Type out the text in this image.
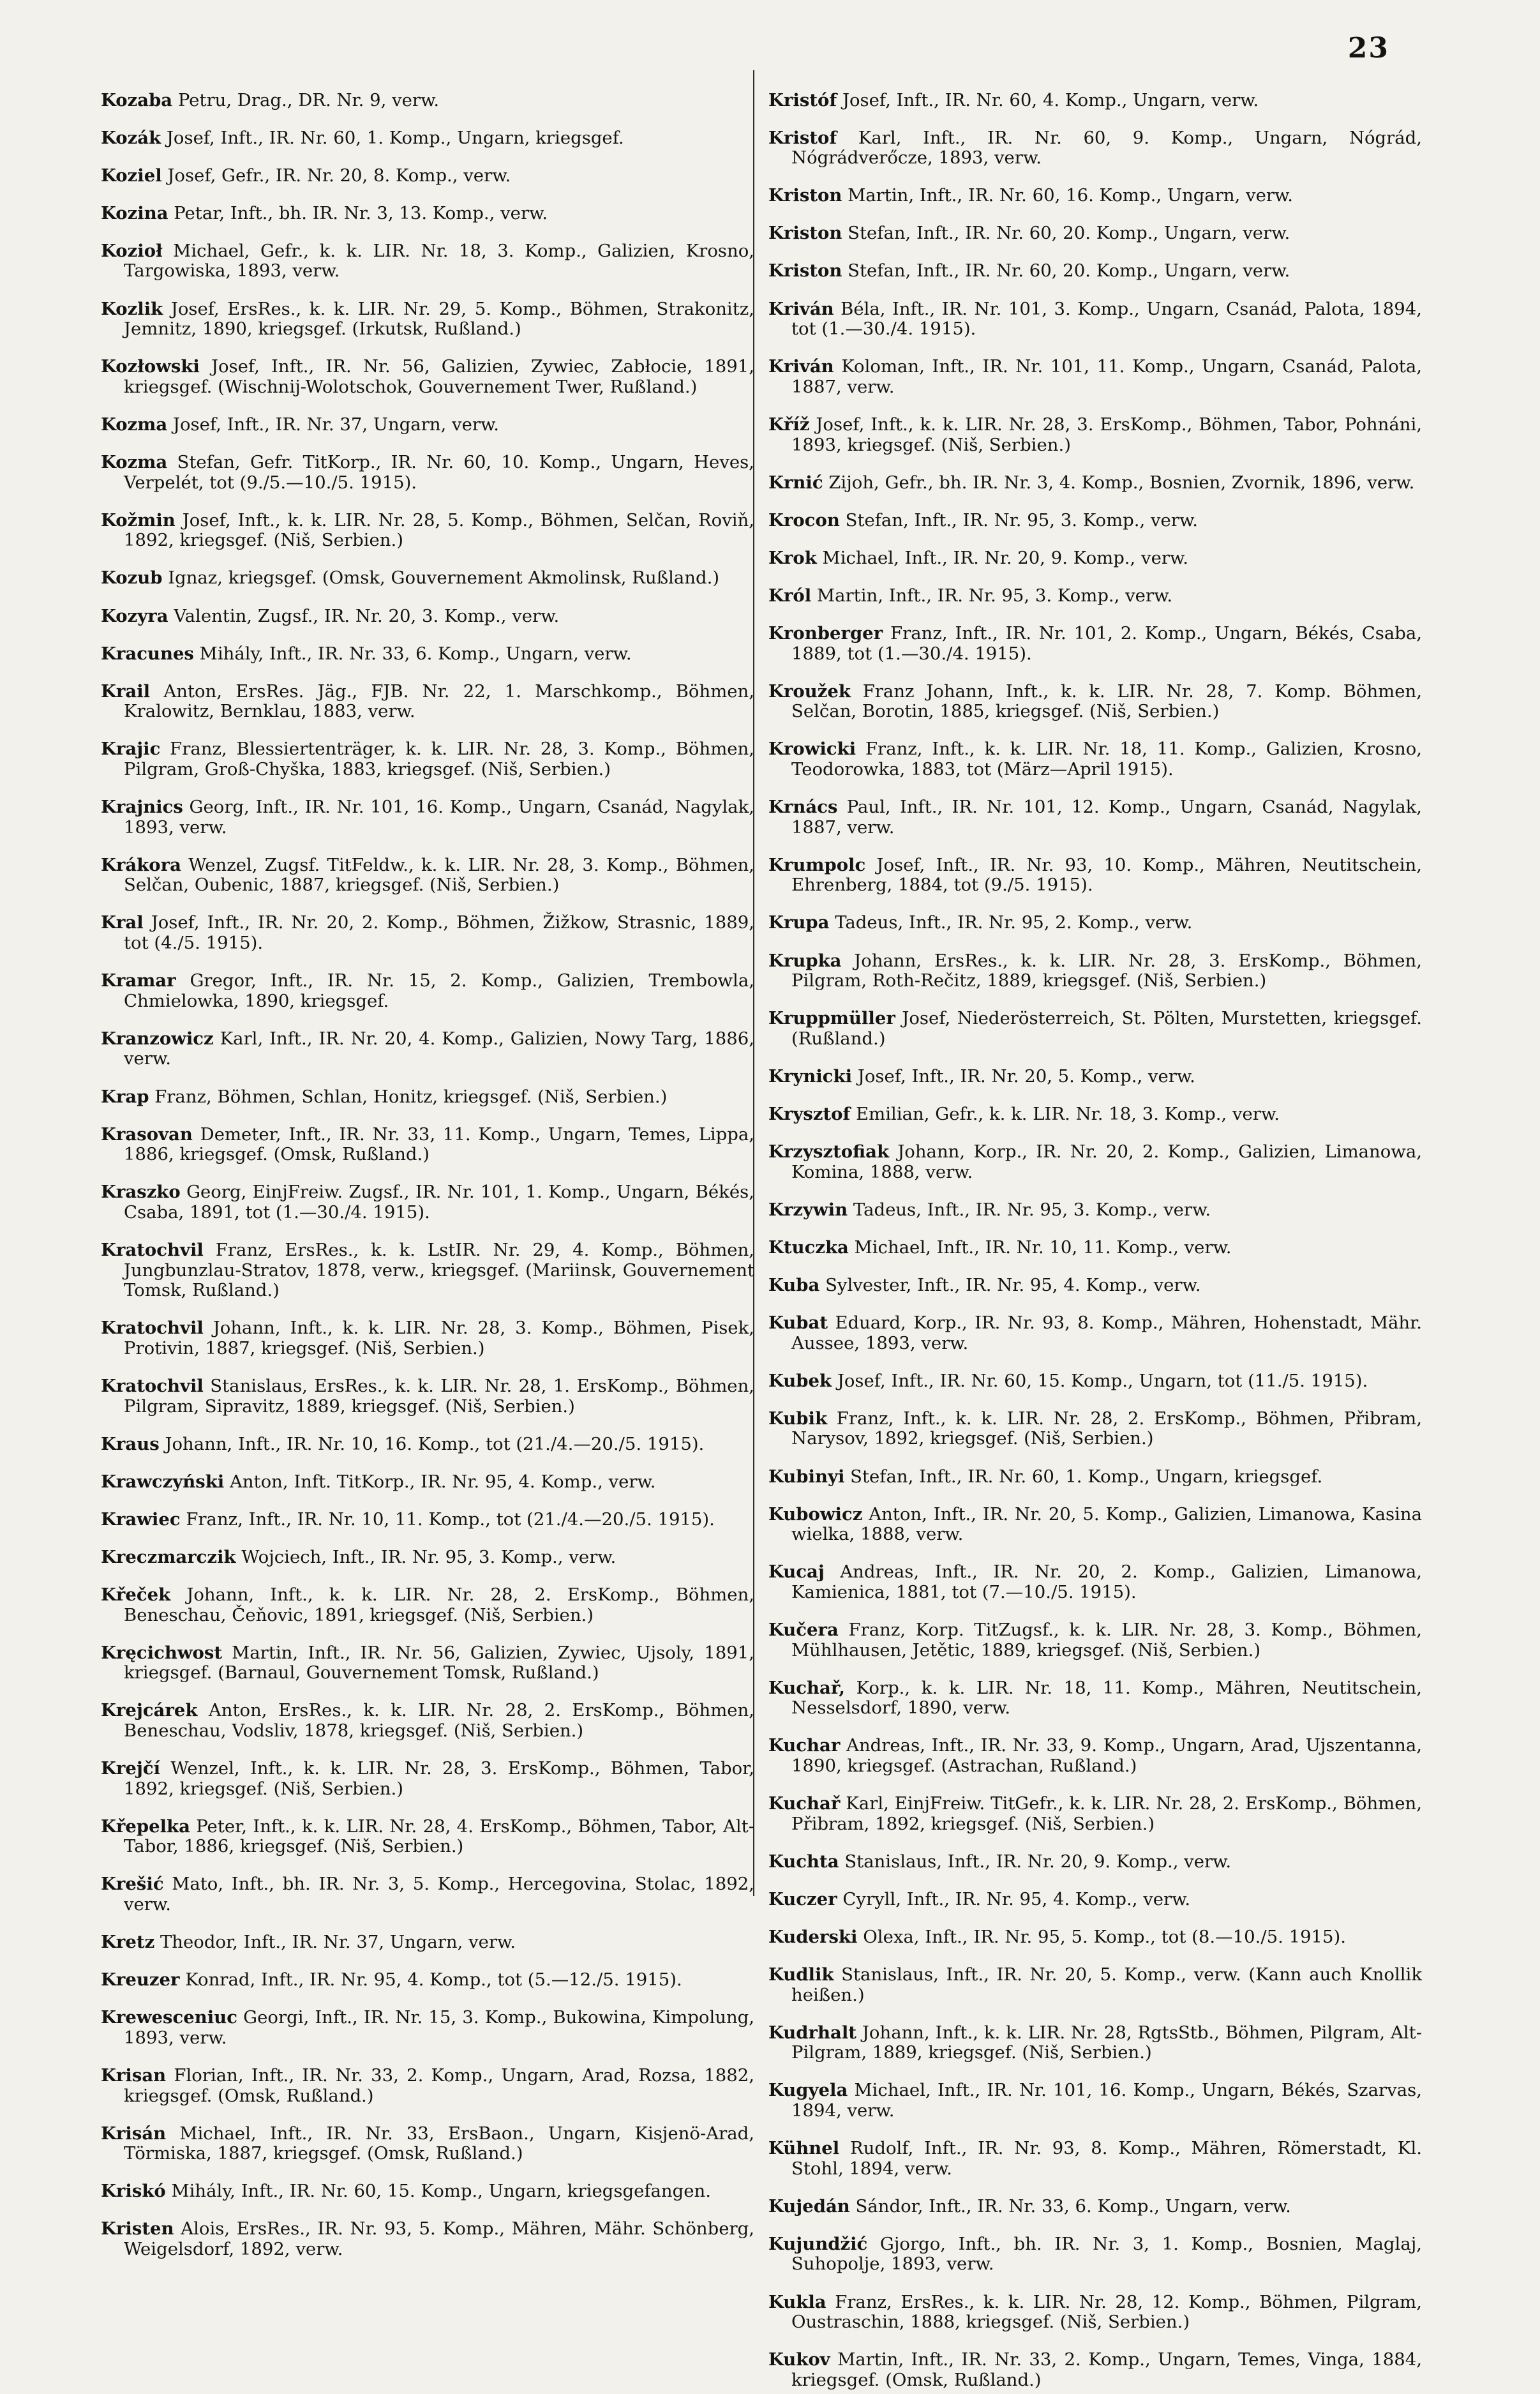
23

Kozaba Petru, Drag., DR. Nr. 9, verw.

Kozák Josef, Inft., IR. Nr. 60, 1. Komp., Ungarn, kriegsgef.

Koziel Josef, Gefr., IR. Nr. 20, 8. Komp., verw.

Kozina Petar, Inft., bh. IR. Nr. 3, 13. Komp., verw.

Kozioł Michael, Gefr., k. k. LIR. Nr. 18, 3. Komp., Galizien, Krosno, Targowiska, 1893, verw.

Kozlik Josef, ErsRes., k. k. LIR. Nr. 29, 5. Komp., Böhmen, Strakonitz, Jemnitz, 1890, kriegsgef. (Irkutsk, Rußland.)

Kozłowski Josef, Inft., IR. Nr. 56, Galizien, Zywiec, Zabłocie, 1891, kriegsgef. (Wischnij-Wolotschok, Gouvernement Twer, Rußland.)

Kozma Josef, Inft., IR. Nr. 37, Ungarn, verw.

Kozma Stefan, Gefr. TitKorp., IR. Nr. 60, 10. Komp., Ungarn, Heves, Verpelét, tot (9./5.—10./5. 1915).

Kožmin Josef, Inft., k. k. LIR. Nr. 28, 5. Komp., Böhmen, Selčan, Roviň, 1892, kriegsgef. (Niš, Serbien.)

Kozub Ignaz, kriegsgef. (Omsk, Gouvernement Akmolinsk, Rußland.)

Kozyra Valentin, Zugsf., IR. Nr. 20, 3. Komp., verw.

Kracunes Mihály, Inft., IR. Nr. 33, 6. Komp., Ungarn, verw.

Krail Anton, ErsRes. Jäg., FJB. Nr. 22, 1. Marschkomp., Böhmen, Kralowitz, Bernklau, 1883, verw.

Krajic Franz, Blessiertenträger, k. k. LIR. Nr. 28, 3. Komp., Böhmen, Pilgram, Groß-Chyška, 1883, kriegsgef. (Niš, Serbien.)

Krajnics Georg, Inft., IR. Nr. 101, 16. Komp., Ungarn, Csanád, Nagylak, 1893, verw.

Krákora Wenzel, Zugsf. TitFeldw., k. k. LIR. Nr. 28, 3. Komp., Böhmen, Selčan, Oubenic, 1887, kriegsgef. (Niš, Serbien.)

Kral Josef, Inft., IR. Nr. 20, 2. Komp., Böhmen, Žižkow, Strasnic, 1889, tot (4./5. 1915).

Kramar Gregor, Inft., IR. Nr. 15, 2. Komp., Galizien, Trembowla, Chmielowka, 1890, kriegsgef.

Kranzowicz Karl, Inft., IR. Nr. 20, 4. Komp., Galizien, Nowy Targ, 1886, verw.

Krap Franz, Böhmen, Schlan, Honitz, kriegsgef. (Niš, Serbien.)

Krasovan Demeter, Inft., IR. Nr. 33, 11. Komp., Ungarn, Temes, Lippa, 1886, kriegsgef. (Omsk, Rußland.)

Kraszko Georg, EinjFreiw. Zugsf., IR. Nr. 101, 1. Komp., Ungarn, Békés, Csaba, 1891, tot (1.—30./4. 1915).

Kratochvil Franz, ErsRes., k. k. LstIR. Nr. 29, 4. Komp., Böhmen, Jungbunzlau-Stratov, 1878, verw., kriegsgef. (Mariinsk, Gouvernement Tomsk, Rußland.)

Kratochvil Johann, Inft., k. k. LIR. Nr. 28, 3. Komp., Böhmen, Pisek, Protivin, 1887, kriegsgef. (Niš, Serbien.)

Kratochvil Stanislaus, ErsRes., k. k. LIR. Nr. 28, 1. ErsKomp., Böhmen, Pilgram, Sipravitz, 1889, kriegsgef. (Niš, Serbien.)

Kraus Johann, Inft., IR. Nr. 10, 16. Komp., tot (21./4.—20./5. 1915).

Krawczyński Anton, Inft. TitKorp., IR. Nr. 95, 4. Komp., verw.

Krawiec Franz, Inft., IR. Nr. 10, 11. Komp., tot (21./4.—20./5. 1915).

Kreczmarczik Wojciech, Inft., IR. Nr. 95, 3. Komp., verw.

Křeček Johann, Inft., k. k. LIR. Nr. 28, 2. ErsKomp., Böhmen, Beneschau, Čeňovic, 1891, kriegsgef. (Niš, Serbien.)

Kręcichwost Martin, Inft., IR. Nr. 56, Galizien, Zywiec, Ujsoly, 1891, kriegsgef. (Barnaul, Gouvernement Tomsk, Rußland.)

Krejcárek Anton, ErsRes., k. k. LIR. Nr. 28, 2. ErsKomp., Böhmen, Beneschau, Vodsliv, 1878, kriegsgef. (Niš, Serbien.)

Krejčí Wenzel, Inft., k. k. LIR. Nr. 28, 3. ErsKomp., Böhmen, Tabor, 1892, kriegsgef. (Niš, Serbien.)

Křepelka Peter, Inft., k. k. LIR. Nr. 28, 4. ErsKomp., Böhmen, Tabor, Alt-Tabor, 1886, kriegsgef. (Niš, Serbien.)

Krešić Mato, Inft., bh. IR. Nr. 3, 5. Komp., Hercegovina, Stolac, 1892, verw.

Kretz Theodor, Inft., IR. Nr. 37, Ungarn, verw.

Kreuzer Konrad, Inft., IR. Nr. 95, 4. Komp., tot (5.—12./5. 1915).

Krewesceniuc Georgi, Inft., IR. Nr. 15, 3. Komp., Bukowina, Kimpolung, 1893, verw.

Krisan Florian, Inft., IR. Nr. 33, 2. Komp., Ungarn, Arad, Rozsa, 1882, kriegsgef. (Omsk, Rußland.)

Krisán Michael, Inft., IR. Nr. 33, ErsBaon., Ungarn, Kisjenö-Arad, Törmiska, 1887, kriegsgef. (Omsk, Rußland.)

Kriskó Mihály, Inft., IR. Nr. 60, 15. Komp., Ungarn, kriegsgefangen.

Kristen Alois, ErsRes., IR. Nr. 93, 5. Komp., Mähren, Mähr. Schönberg, Weigelsdorf, 1892, verw.

Kristóf Josef, Inft., IR. Nr. 60, 4. Komp., Ungarn, verw.

Kristof Karl, Inft., IR. Nr. 60, 9. Komp., Ungarn, Nógrád, Nógrádverőcze, 1893, verw.

Kriston Martin, Inft., IR. Nr. 60, 16. Komp., Ungarn, verw.

Kriston Stefan, Inft., IR. Nr. 60, 20. Komp., Ungarn, verw.

Kriston Stefan, Inft., IR. Nr. 60, 20. Komp., Ungarn, verw.

Kriván Béla, Inft., IR. Nr. 101, 3. Komp., Ungarn, Csanád, Palota, 1894, tot (1.—30./4. 1915).

Kriván Koloman, Inft., IR. Nr. 101, 11. Komp., Ungarn, Csanád, Palota, 1887, verw.

Kříž Josef, Inft., k. k. LIR. Nr. 28, 3. ErsKomp., Böhmen, Tabor, Pohnáni, 1893, kriegsgef. (Niš, Serbien.)

Krnić Zijoh, Gefr., bh. IR. Nr. 3, 4. Komp., Bosnien, Zvornik, 1896, verw.

Krocon Stefan, Inft., IR. Nr. 95, 3. Komp., verw.

Krok Michael, Inft., IR. Nr. 20, 9. Komp., verw.

Król Martin, Inft., IR. Nr. 95, 3. Komp., verw.

Kronberger Franz, Inft., IR. Nr. 101, 2. Komp., Ungarn, Békés, Csaba, 1889, tot (1.—30./4. 1915).

Kroužek Franz Johann, Inft., k. k. LIR. Nr. 28, 7. Komp. Böhmen, Selčan, Borotin, 1885, kriegsgef. (Niš, Serbien.)

Krowicki Franz, Inft., k. k. LIR. Nr. 18, 11. Komp., Galizien, Krosno, Teodorowka, 1883, tot (März—April 1915).

Krnács Paul, Inft., IR. Nr. 101, 12. Komp., Ungarn, Csanád, Nagylak, 1887, verw.

Krumpolc Josef, Inft., IR. Nr. 93, 10. Komp., Mähren, Neutitschein, Ehrenberg, 1884, tot (9./5. 1915).

Krupa Tadeus, Inft., IR. Nr. 95, 2. Komp., verw.

Krupka Johann, ErsRes., k. k. LIR. Nr. 28, 3. ErsKomp., Böhmen, Pilgram, Roth-Rečitz, 1889, kriegsgef. (Niš, Serbien.)

Kruppmüller Josef, Niederösterreich, St. Pölten, Murstetten, kriegsgef. (Rußland.)

Krynicki Josef, Inft., IR. Nr. 20, 5. Komp., verw.

Krysztof Emilian, Gefr., k. k. LIR. Nr. 18, 3. Komp., verw.

Krzysztofiak Johann, Korp., IR. Nr. 20, 2. Komp., Galizien, Limanowa, Komina, 1888, verw.

Krzywin Tadeus, Inft., IR. Nr. 95, 3. Komp., verw.

Ktuczka Michael, Inft., IR. Nr. 10, 11. Komp., verw.

Kuba Sylvester, Inft., IR. Nr. 95, 4. Komp., verw.

Kubat Eduard, Korp., IR. Nr. 93, 8. Komp., Mähren, Hohenstadt, Mähr. Aussee, 1893, verw.

Kubek Josef, Inft., IR. Nr. 60, 15. Komp., Ungarn, tot (11./5. 1915).

Kubik Franz, Inft., k. k. LIR. Nr. 28, 2. ErsKomp., Böhmen, Přibram, Narysov, 1892, kriegsgef. (Niš, Serbien.)

Kubinyi Stefan, Inft., IR. Nr. 60, 1. Komp., Ungarn, kriegsgef.

Kubowicz Anton, Inft., IR. Nr. 20, 5. Komp., Galizien, Limanowa, Kasina wielka, 1888, verw.

Kucaj Andreas, Inft., IR. Nr. 20, 2. Komp., Galizien, Limanowa, Kamienica, 1881, tot (7.—10./5. 1915).

Kučera Franz, Korp. TitZugsf., k. k. LIR. Nr. 28, 3. Komp., Böhmen, Mühlhausen, Jetětic, 1889, kriegsgef. (Niš, Serbien.)

Kuchař, Korp., k. k. LIR. Nr. 18, 11. Komp., Mähren, Neutitschein, Nesselsdorf, 1890, verw.

Kuchar Andreas, Inft., IR. Nr. 33, 9. Komp., Ungarn, Arad, Ujszentanna, 1890, kriegsgef. (Astrachan, Rußland.)

Kuchař Karl, EinjFreiw. TitGefr., k. k. LIR. Nr. 28, 2. ErsKomp., Böhmen, Přibram, 1892, kriegsgef. (Niš, Serbien.)

Kuchta Stanislaus, Inft., IR. Nr. 20, 9. Komp., verw.

Kuczer Cyryll, Inft., IR. Nr. 95, 4. Komp., verw.

Kuderski Olexa, Inft., IR. Nr. 95, 5. Komp., tot (8.—10./5. 1915).

Kudlik Stanislaus, Inft., IR. Nr. 20, 5. Komp., verw. (Kann auch Knollik heißen.)

Kudrhalt Johann, Inft., k. k. LIR. Nr. 28, RgtsStb., Böhmen, Pilgram, Alt-Pilgram, 1889, kriegsgef. (Niš, Serbien.)

Kugyela Michael, Inft., IR. Nr. 101, 16. Komp., Ungarn, Békés, Szarvas, 1894, verw.

Kühnel Rudolf, Inft., IR. Nr. 93, 8. Komp., Mähren, Römerstadt, Kl. Stohl, 1894, verw.

Kujedán Sándor, Inft., IR. Nr. 33, 6. Komp., Ungarn, verw.

Kujundžić Gjorgo, Inft., bh. IR. Nr. 3, 1. Komp., Bosnien, Maglaj, Suhopolje, 1893, verw.

Kukla Franz, ErsRes., k. k. LIR. Nr. 28, 12. Komp., Böhmen, Pilgram, Oustraschin, 1888, kriegsgef. (Niš, Serbien.)

Kukov Martin, Inft., IR. Nr. 33, 2. Komp., Ungarn, Temes, Vinga, 1884, kriegsgef. (Omsk, Rußland.)
